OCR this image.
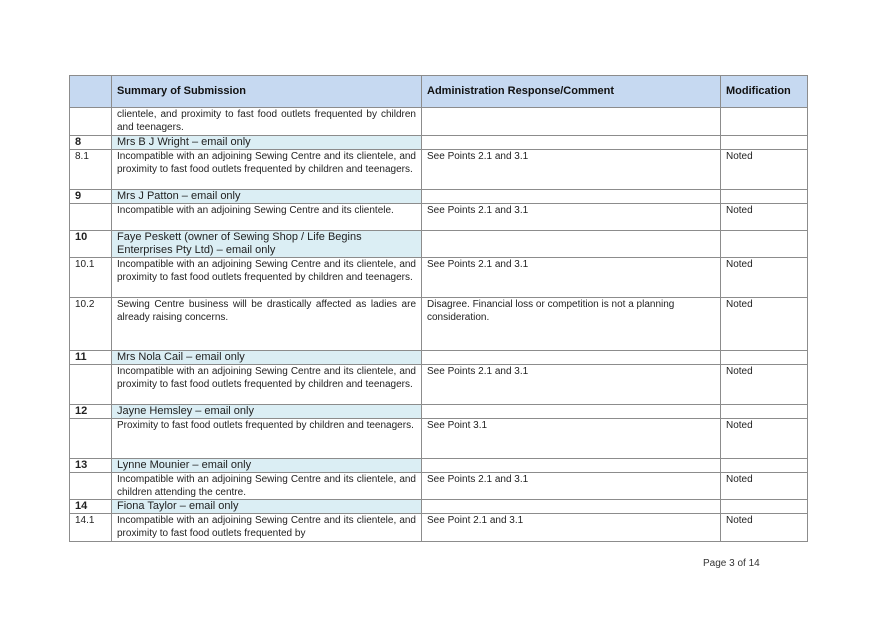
	Summary of Submission	Administration Response/Comment	Modification
	clientele, and proximity to fast food outlets frequented by children and teenagers.		
8	Mrs B J Wright – email only		
8.1	Incompatible with an adjoining Sewing Centre and its clientele, and proximity to fast food outlets frequented by children and teenagers.	See Points 2.1 and 3.1	Noted
9	Mrs J Patton – email only		
	Incompatible with an adjoining Sewing Centre and its clientele.	See Points 2.1 and 3.1	Noted
10	Faye Peskett (owner of Sewing Shop / Life Begins Enterprises Pty Ltd) – email only		
10.1	Incompatible with an adjoining Sewing Centre and its clientele, and proximity to fast food outlets frequented by children and teenagers.	See Points 2.1 and 3.1	Noted
10.2	Sewing Centre business will be drastically affected as ladies are already raising concerns.	Disagree. Financial loss or competition is not a planning consideration.	Noted
11	Mrs Nola Cail – email only		
	Incompatible with an adjoining Sewing Centre and its clientele, and proximity to fast food outlets frequented by children and teenagers.	See Points 2.1 and 3.1	Noted
12	Jayne Hemsley – email only		
	Proximity to fast food outlets frequented by children and teenagers.	See Point 3.1	Noted
13	Lynne Mounier – email only		
	Incompatible with an adjoining Sewing Centre and its clientele, and children attending the centre.	See Points 2.1 and 3.1	Noted
14	Fiona Taylor – email only		
14.1	Incompatible with an adjoining Sewing Centre and its clientele, and proximity to fast food outlets frequented by	See Point 2.1 and 3.1	Noted
Page 3 of 14
